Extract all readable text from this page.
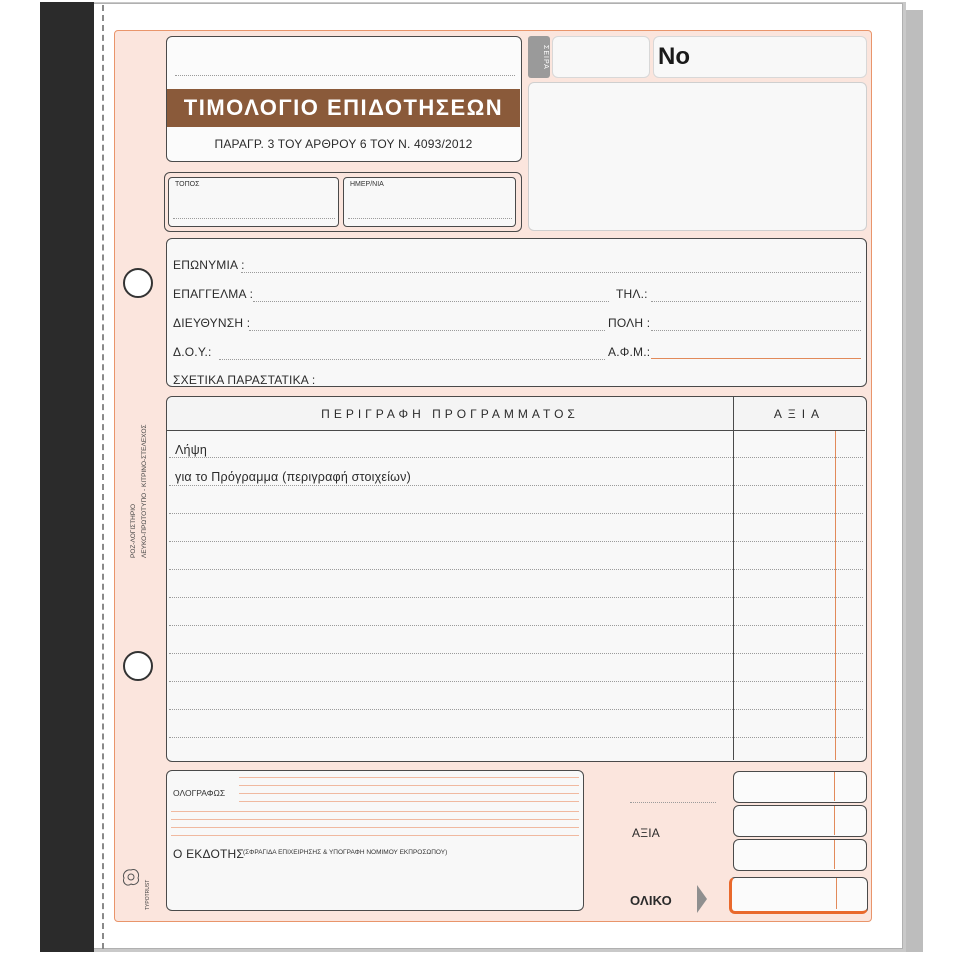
ΡΟΖ-ΛΟΓΙΣΤΗΡΙΟ ΛΕΥΚΟ-ΠΡΩΤΟΤΥΠΟ - ΚΙΤΡΙΝΟ-ΣΤΕΛΕΧΟΣ
TYPOTRUST
ΤΙΜΟΛΟΓΙΟ ΕΠΙΔΟΤΗΣΕΩΝ
ΠΑΡΑΓΡ. 3 ΤΟΥ ΑΡΘΡΟΥ 6 ΤΟΥ Ν. 4093/2012
ΣΕΙΡΑ	No
ΤΟΠΟΣ	ΗΜΕΡ/ΝΙΑ
ΕΠΩΝΥΜΙΑ :
ΕΠΑΓΓΕΛΜΑ :	ΤΗΛ.:
ΔΙΕΥΘΥΝΣΗ :	ΠΟΛΗ :
Δ.Ο.Υ.:	Α.Φ.Μ.:
ΣΧΕΤΙΚΑ ΠΑΡΑΣΤΑΤΙΚΑ :
ΠΕΡΙΓΡΑΦΗ ΠΡΟΓΡΑΜΜΑΤΟΣ	ΑΞΙΑ
Λήψη
για το Πρόγραμμα (περιγραφή στοιχείων)
ΟΛΟΓΡΑΦΩΣ
Ο ΕΚΔΟΤΗΣ (ΣΦΡΑΓΙΔΑ ΕΠΙΧΕΙΡΗΣΗΣ & ΥΠΟΓΡΑΦΗ ΝΟΜΙΜΟΥ ΕΚΠΡΟΣΩΠΟΥ)
ΑΞΙΑ
ΟΛΙΚΟ
